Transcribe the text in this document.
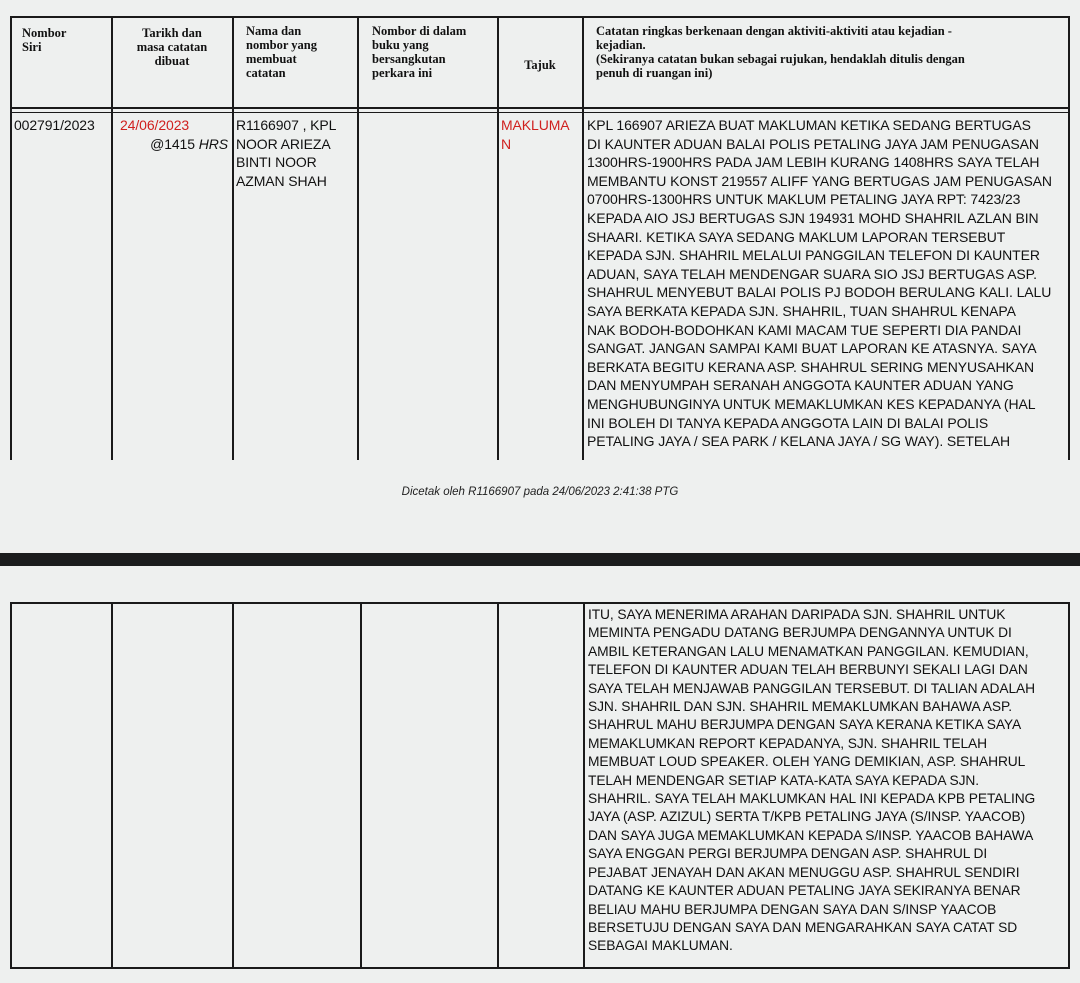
Nombor
Siri
Tarikh dan
masa catatan
dibuat
Nama dan
nombor yang
membuat
catatan
Nombor di dalam
buku yang
bersangkutan
perkara ini
Tajuk
Catatan ringkas berkenaan dengan aktiviti-aktiviti atau kejadian -
kejadian.
(Sekiranya catatan bukan sebagai rujukan, hendaklah ditulis dengan
penuh di ruangan ini)
002791/2023	24/06/2023
@1415 HRS
R1166907 , KPL
NOOR ARIEZA
BINTI NOOR
AZMAN SHAH
MAKLUMA
N
KPL 166907 ARIEZA BUAT MAKLUMAN KETIKA SEDANG BERTUGAS
DI KAUNTER ADUAN BALAI POLIS PETALING JAYA JAM PENUGASAN
1300HRS-1900HRS PADA JAM LEBIH KURANG 1408HRS SAYA TELAH
MEMBANTU KONST 219557 ALIFF YANG BERTUGAS JAM PENUGASAN
0700HRS-1300HRS UNTUK MAKLUM PETALING JAYA RPT: 7423/23
KEPADA AIO JSJ BERTUGAS SJN 194931 MOHD SHAHRIL AZLAN BIN
SHAARI. KETIKA SAYA SEDANG MAKLUM LAPORAN TERSEBUT
KEPADA SJN. SHAHRIL MELALUI PANGGILAN TELEFON DI KAUNTER
ADUAN, SAYA TELAH MENDENGAR SUARA SIO JSJ BERTUGAS ASP.
SHAHRUL MENYEBUT BALAI POLIS PJ BODOH BERULANG KALI. LALU
SAYA BERKATA KEPADA SJN. SHAHRIL, TUAN SHAHRUL KENAPA
NAK BODOH-BODOHKAN KAMI MACAM TUE SEPERTI DIA PANDAI
SANGAT. JANGAN SAMPAI KAMI BUAT LAPORAN KE ATASNYA. SAYA
BERKATA BEGITU KERANA ASP. SHAHRUL SERING MENYUSAHKAN
DAN MENYUMPAH SERANAH ANGGOTA KAUNTER ADUAN YANG
MENGHUBUNGINYA UNTUK MEMAKLUMKAN KES KEPADANYA (HAL
INI BOLEH DI TANYA KEPADA ANGGOTA LAIN DI BALAI POLIS
PETALING JAYA / SEA PARK / KELANA JAYA / SG WAY). SETELAH
Dicetak oleh R1166907 pada 24/06/2023 2:41:38 PTG
ITU, SAYA MENERIMA ARAHAN DARIPADA SJN. SHAHRIL UNTUK
MEMINTA PENGADU DATANG BERJUMPA DENGANNYA UNTUK DI
AMBIL KETERANGAN LALU MENAMATKAN PANGGILAN. KEMUDIAN,
TELEFON DI KAUNTER ADUAN TELAH BERBUNYI SEKALI LAGI DAN
SAYA TELAH MENJAWAB PANGGILAN TERSEBUT. DI TALIAN ADALAH
SJN. SHAHRIL DAN SJN. SHAHRIL MEMAKLUMKAN BAHAWA ASP.
SHAHRUL MAHU BERJUMPA DENGAN SAYA KERANA KETIKA SAYA
MEMAKLUMKAN REPORT KEPADANYA, SJN. SHAHRIL TELAH
MEMBUAT LOUD SPEAKER. OLEH YANG DEMIKIAN, ASP. SHAHRUL
TELAH MENDENGAR SETIAP KATA-KATA SAYA KEPADA SJN.
SHAHRIL. SAYA TELAH MAKLUMKAN HAL INI KEPADA KPB PETALING
JAYA (ASP. AZIZUL) SERTA T/KPB PETALING JAYA (S/INSP. YAACOB)
DAN SAYA JUGA MEMAKLUMKAN KEPADA S/INSP. YAACOB BAHAWA
SAYA ENGGAN PERGI BERJUMPA DENGAN ASP. SHAHRUL DI
PEJABAT JENAYAH DAN AKAN MENUGGU ASP. SHAHRUL SENDIRI
DATANG KE KAUNTER ADUAN PETALING JAYA SEKIRANYA BENAR
BELIAU MAHU BERJUMPA DENGAN SAYA DAN S/INSP YAACOB
BERSETUJU DENGAN SAYA DAN MENGARAHKAN SAYA CATAT SD
SEBAGAI MAKLUMAN.
